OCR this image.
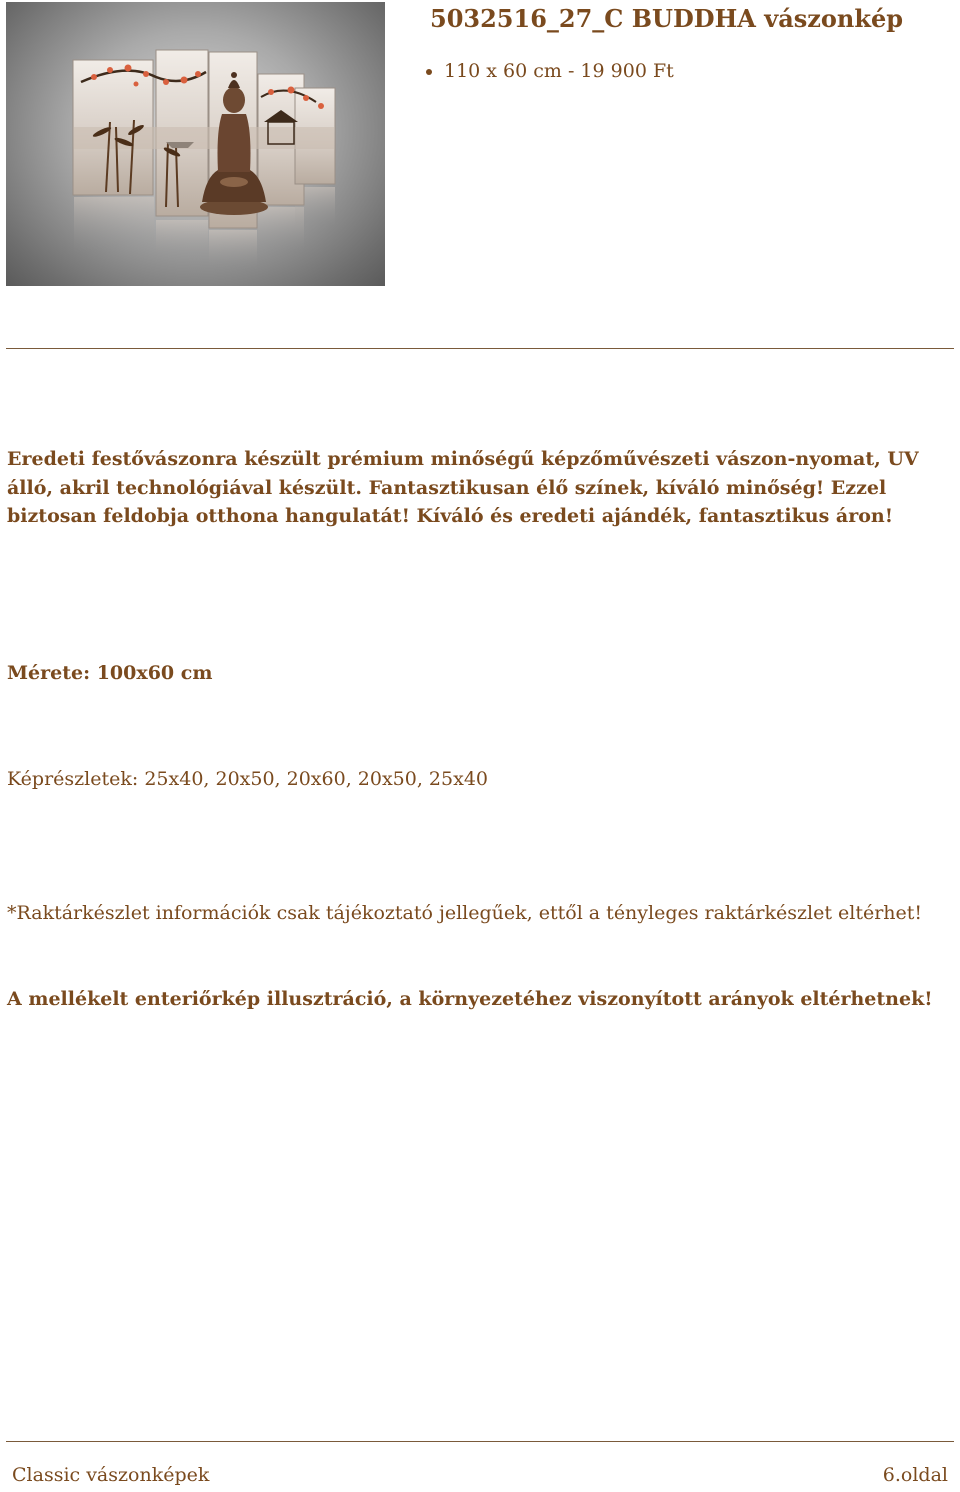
5032516_27_C BUDDHA vászonkép
• 110 x 60 cm - 19 900 Ft

Eredeti festővászonra készült prémium minőségű képzőművészeti vászon-nyomat, UV álló, akril technológiával készült. Fantasztikusan élő színek, kíváló minőség! Ezzel biztosan feldobja otthona hangulatát! Kíváló és eredeti ajándék, fantasztikus áron!

Mérete: 100x60 cm

Képrészletek: 25x40, 20x50, 20x60, 20x50, 25x40

*Raktárkészlet információk csak tájékoztató jellegűek, ettől a tényleges raktárkészlet eltérhet!

A mellékelt enteriőrkép illusztráció, a környezetéhez viszonyított arányok eltérhetnek!

Classic vászonképek	6.oldal
